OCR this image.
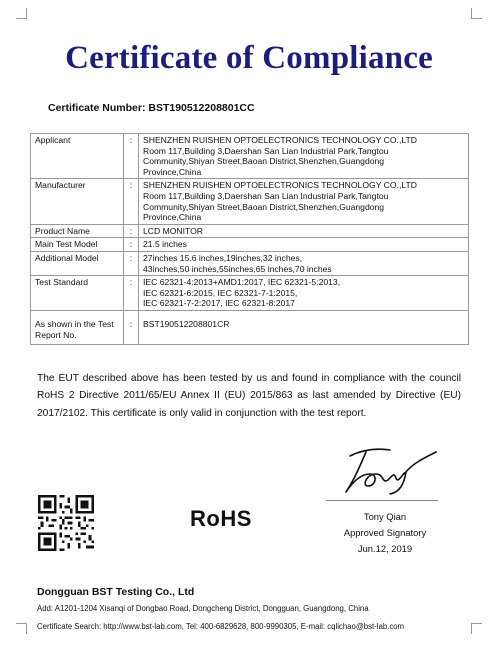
Certificate of Compliance
Certificate Number: BST190512208801CC
Applicant	:	SHENZHEN RUISHEN OPTOELECTRONICS TECHNOLOGY CO.,LTD
Room 117,Building 3,Daershan San Lian Industrial Park,Tangtou
Community,Shiyan Street,Baoan District,Shenzhen,Guangdong
Province,China

Manufacturer	:	SHENZHEN RUISHEN OPTOELECTRONICS TECHNOLOGY CO.,LTD
Room 117,Building 3,Daershan San Lian Industrial Park,Tangtou
Community,Shiyan Street,Baoan District,Shenzhen,Guangdong
Province,China

Product Name	:	LCD MONITOR

Main Test Model	:	21.5 inches

Additional Model	:	27inches 15.6 inches,19inches,32 inches,
43inches,50 inches,55inches,65 inches,70 inches

Test Standard	:	IEC 62321-4:2013+AMD1:2017, IEC 62321-5:2013,
IEC 62321-6:2015, IEC 62321-7-1:2015,
IEC 62321-7-2:2017, IEC 62321-8:2017

As shown in the Test Report No.	:	BST190512208801CR
The EUT described above has been tested by us and found in compliance with the council RoHS 2 Directive 2011/65/EU Annex II (EU) 2015/863 as last amended by Directive (EU) 2017/2102. This certificate is only valid in conjunction with the test report.
Tony Qian
Approved Signatory
Jun.12, 2019
RoHS
Dongguan BST Testing Co., Ltd
Add: A1201-1204 Xisanqi of Dongbao Road, Dongcheng District, Dongguan, Guangdong, China
Certificate Search: http://www.bst-lab.com, Tel: 400-6829628, 800-9990305, E-mail: cqlichao@bst-lab.com
